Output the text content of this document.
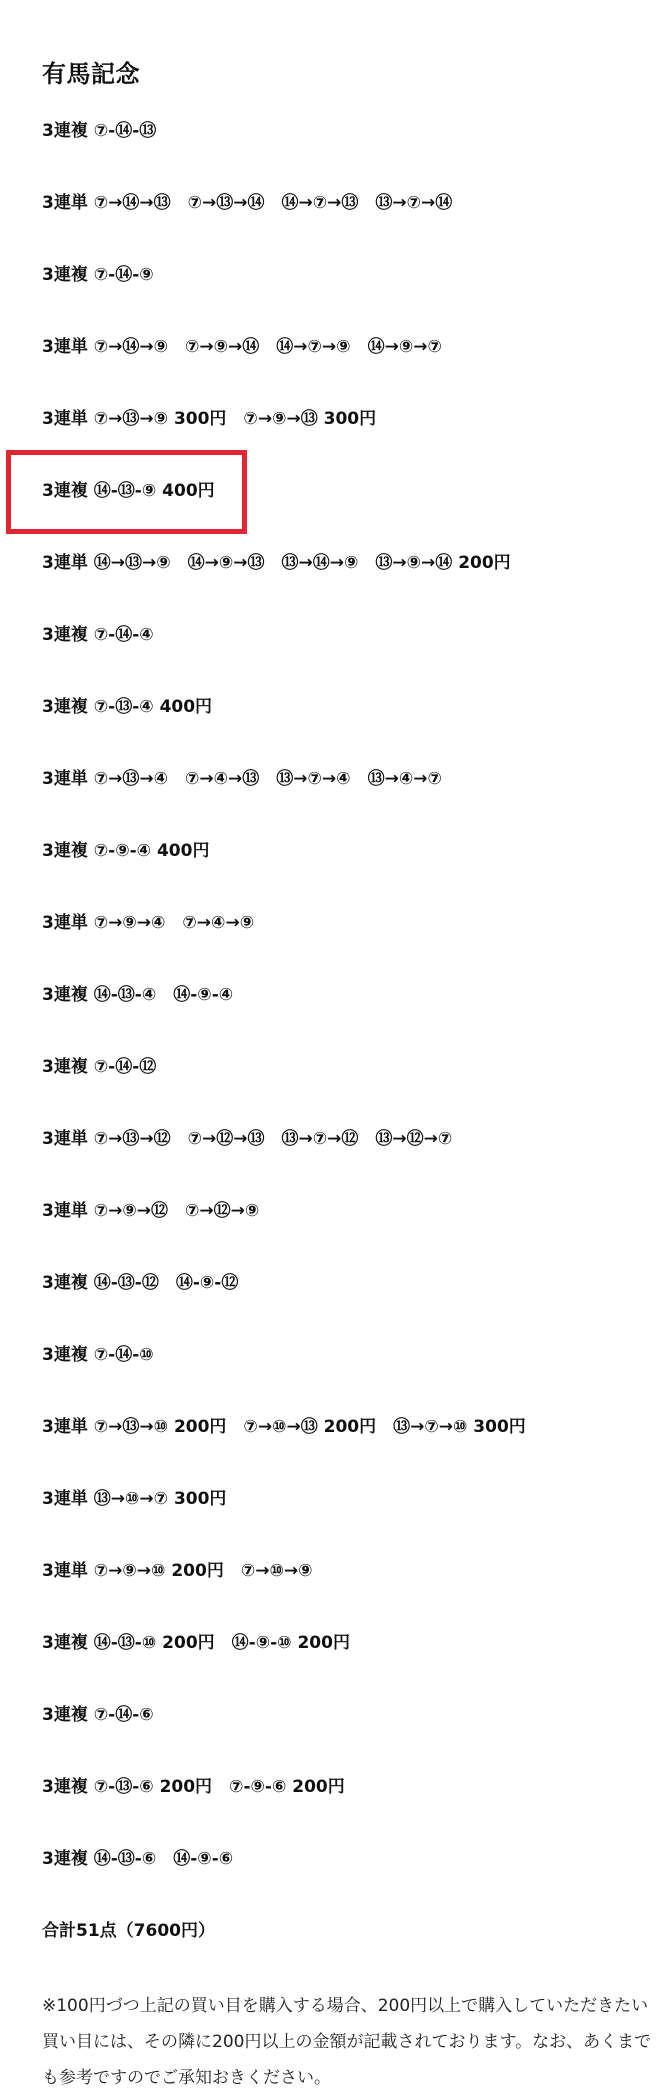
有馬記念
3連複 ⑦-⑭-⑬
3連単 ⑦→⑭→⑬　⑦→⑬→⑭　⑭→⑦→⑬　⑬→⑦→⑭
3連複 ⑦-⑭-⑨
3連単 ⑦→⑭→⑨　⑦→⑨→⑭　⑭→⑦→⑨　⑭→⑨→⑦
3連単 ⑦→⑬→⑨ 300円　⑦→⑨→⑬ 300円
3連複 ⑭-⑬-⑨ 400円
3連単 ⑭→⑬→⑨　⑭→⑨→⑬　⑬→⑭→⑨　⑬→⑨→⑭ 200円
3連複 ⑦-⑭-④
3連複 ⑦-⑬-④ 400円
3連単 ⑦→⑬→④　⑦→④→⑬　⑬→⑦→④　⑬→④→⑦
3連複 ⑦-⑨-④ 400円
3連単 ⑦→⑨→④　⑦→④→⑨
3連複 ⑭-⑬-④　⑭-⑨-④
3連複 ⑦-⑭-⑫
3連単 ⑦→⑬→⑫　⑦→⑫→⑬　⑬→⑦→⑫　⑬→⑫→⑦
3連単 ⑦→⑨→⑫　⑦→⑫→⑨
3連複 ⑭-⑬-⑫　⑭-⑨-⑫
3連複 ⑦-⑭-⑩
3連単 ⑦→⑬→⑩ 200円　⑦→⑩→⑬ 200円　⑬→⑦→⑩ 300円
3連単 ⑬→⑩→⑦ 300円
3連単 ⑦→⑨→⑩ 200円　⑦→⑩→⑨
3連複 ⑭-⑬-⑩ 200円　⑭-⑨-⑩ 200円
3連複 ⑦-⑭-⑥
3連複 ⑦-⑬-⑥ 200円　⑦-⑨-⑥ 200円
3連複 ⑭-⑬-⑥　⑭-⑨-⑥

合計51点（7600円）

※100円づつ上記の買い目を購入する場合、200円以上で購入していただきたい買い目には、その隣に200円以上の金額が記載されております。なお、あくまでも参考ですのでご承知おきください。
